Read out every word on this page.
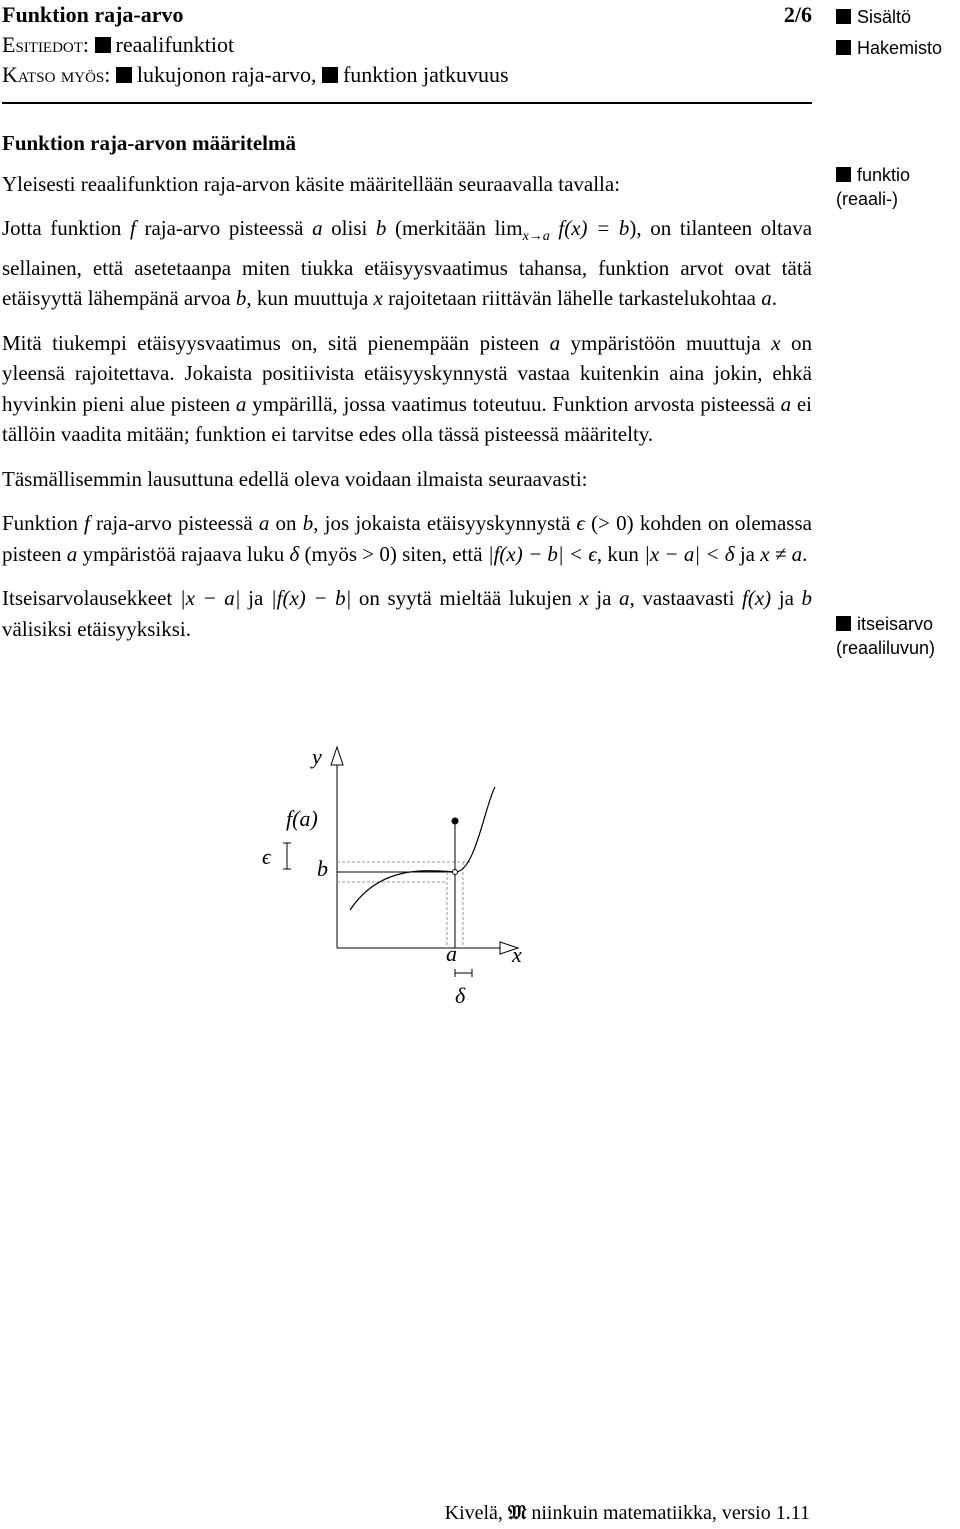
Funktion raja-arvo	2/6
Esitiedot: reaalifunktiot
Katso myös: lukujonon raja-arvo, funktion jatkuvuus
Sisältö
Hakemisto
funktio
(reaali-)
itseisarvo
(reaaliluvun)

Funktion raja-arvon määritelmä

Yleisesti reaalifunktion raja-arvon käsite määritellään seuraavalla tavalla:

Jotta funktion f raja-arvo pisteessä a olisi b (merkitään $\lim_{x\to a} f(x) = b$), on tilanteen oltava sellainen, että asetetaanpa miten tiukka etäisyysvaatimus tahansa, funktion arvot ovat tätä etäisyyttä lähempänä arvoa b, kun muuttuja x rajoitetaan riittävän lähelle tarkastelukohtaa a.

Mitä tiukempi etäisyysvaatimus on, sitä pienempään pisteen a ympäristöön muuttuja x on yleensä rajoitettava. Jokaista positiivista etäisyyskynnystä vastaa kuitenkin aina jokin, ehkä hyvinkin pieni alue pisteen a ympärillä, jossa vaatimus toteutuu. Funktion arvosta pisteessä a ei tällöin vaadita mitään; funktion ei tarvitse edes olla tässä pisteessä määritelty.

Täsmällisemmin lausuttuna edellä oleva voidaan ilmaista seuraavasti:

Funktion f raja-arvo pisteessä a on b, jos jokaista etäisyyskynnystä ϵ (> 0) kohden on olemassa pisteen a ympäristöä rajaava luku δ (myös > 0) siten, että |f(x) − b| < ϵ, kun |x − a| < δ ja x ≠ a.

Itseisarvolausekkeet |x − a| ja |f(x) − b| on syytä mieltää lukujen x ja a, vastaavasti f(x) ja b välisiksi etäisyyksiksi.

y
f(a)
b
ϵ
a	x
δ
Kivelä, 𝔐 niinkuin matematiikka, versio 1.11
